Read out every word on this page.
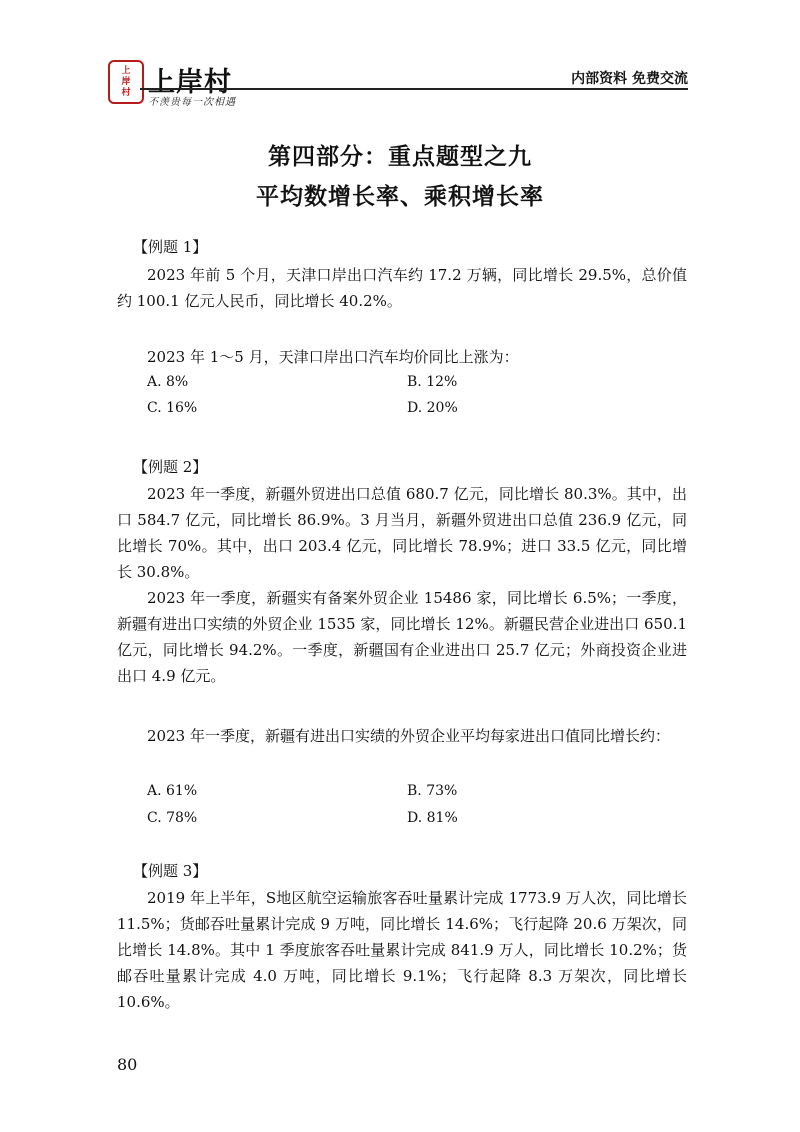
上
岸
村 上岸村
不羡贵每一次相遇
内部资料 免费交流
第四部分：重点题型之九
平均数增长率、乘积增长率
【例题 1】

2023 年前 5 个月，天津口岸出口汽车约 17.2 万辆，同比增长 29.5%，总价值约 100.1 亿元人民币，同比增长 40.2%。

2023 年 1～5 月，天津口岸出口汽车均价同比上涨为：

A. 8%	B. 12%
C. 16%	D. 20%
【例题 2】

2023 年一季度，新疆外贸进出口总值 680.7 亿元，同比增长 80.3%。其中，出口 584.7 亿元，同比增长 86.9%。3 月当月，新疆外贸进出口总值 236.9 亿元，同比增长 70%。其中，出口 203.4 亿元，同比增长 78.9%；进口 33.5 亿元，同比增长 30.8%。

2023 年一季度，新疆实有备案外贸企业 15486 家，同比增长 6.5%；一季度，新疆有进出口实绩的外贸企业 1535 家，同比增长 12%。新疆民营企业进出口 650.1 亿元，同比增长 94.2%。一季度，新疆国有企业进出口 25.7 亿元；外商投资企业进出口 4.9 亿元。

2023 年一季度，新疆有进出口实绩的外贸企业平均每家进出口值同比增长约：

A. 61%	B. 73%
C. 78%	D. 81%
【例题 3】

2019 年上半年，S地区航空运输旅客吞吐量累计完成 1773.9 万人次，同比增长 11.5%；货邮吞吐量累计完成 9 万吨，同比增长 14.6%；飞行起降 20.6 万架次，同比增长 14.8%。其中 1 季度旅客吞吐量累计完成 841.9 万人，同比增长 10.2%；货邮吞吐量累计完成 4.0 万吨，同比增长 9.1%；飞行起降 8.3 万架次，同比增长 10.6%。

80
